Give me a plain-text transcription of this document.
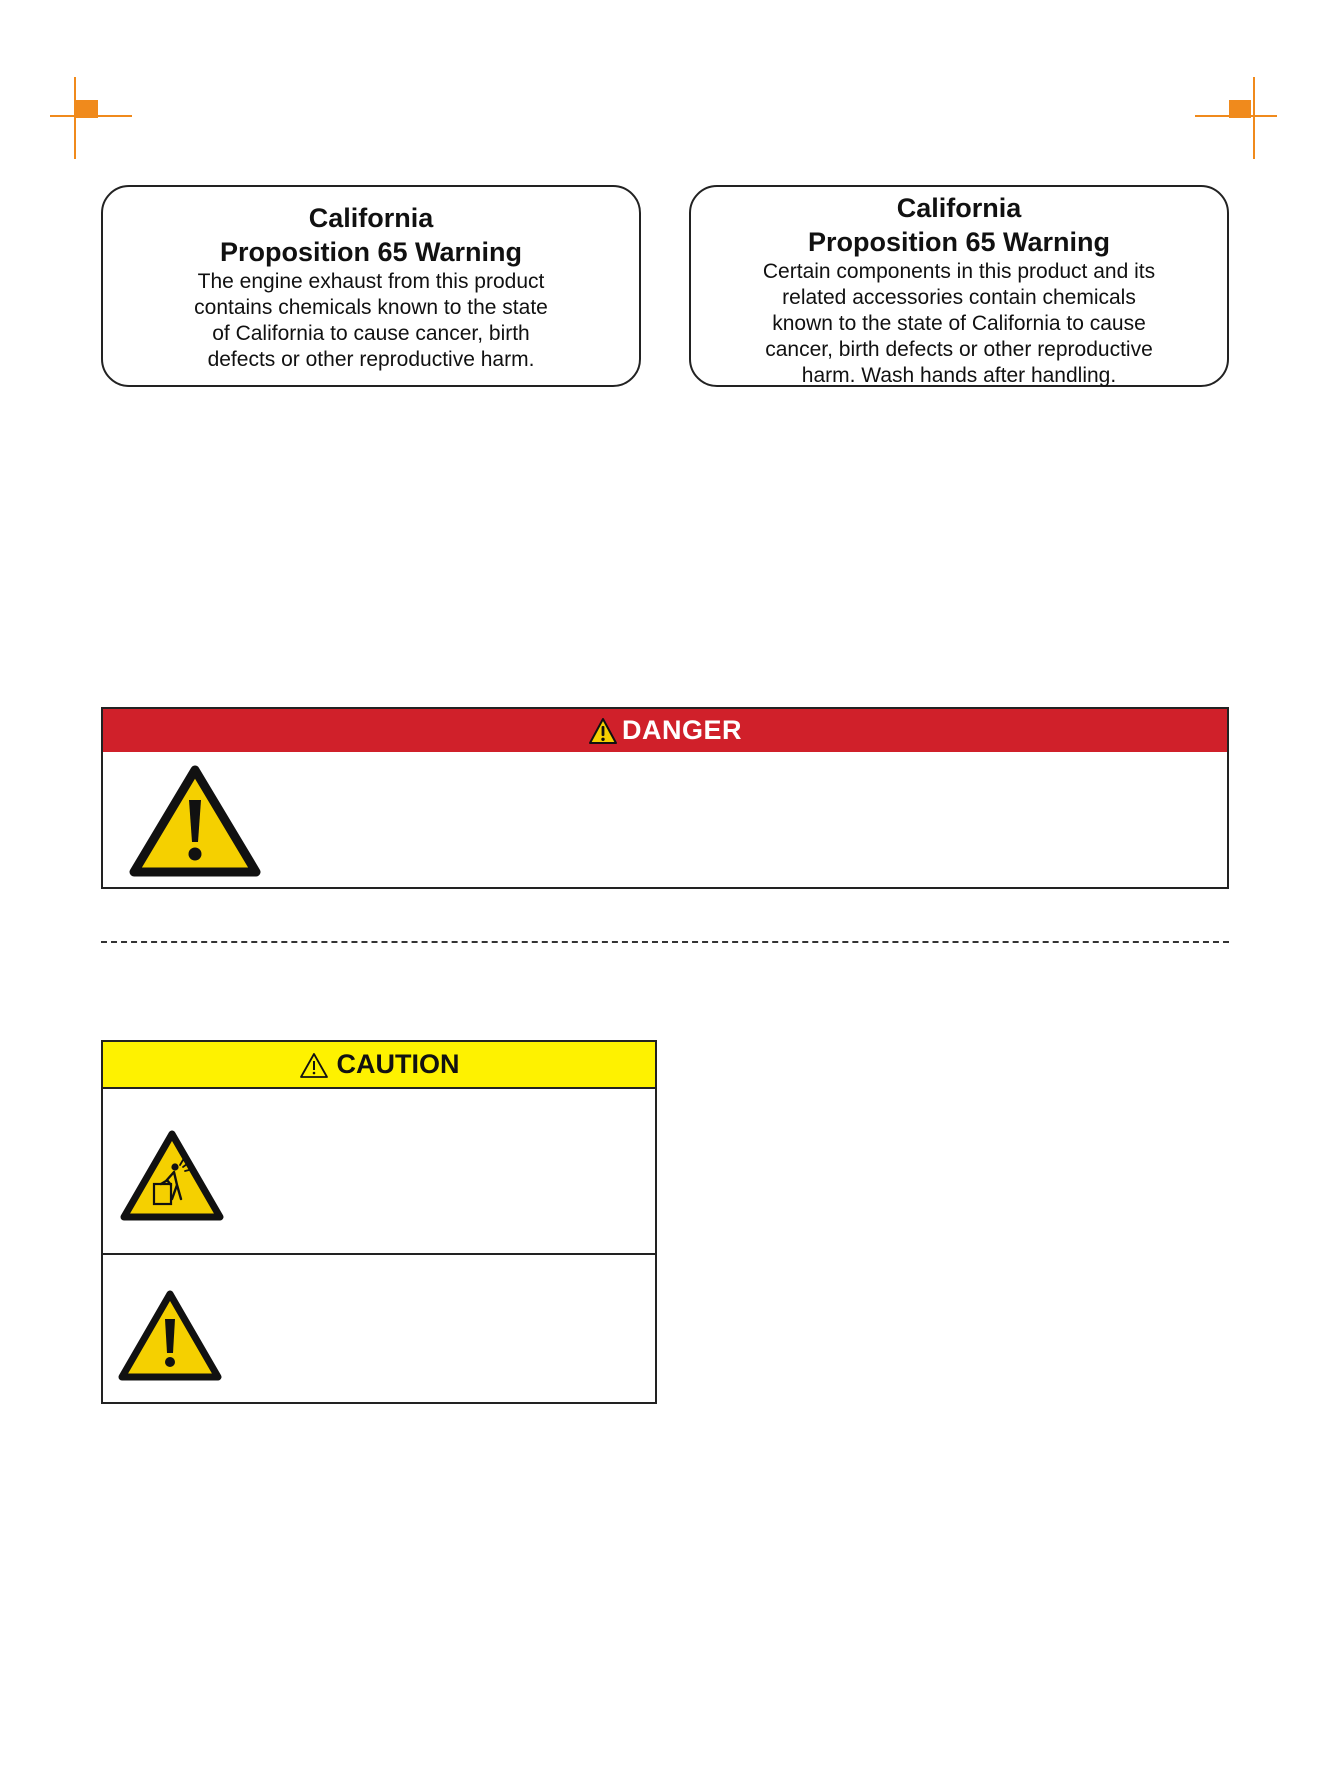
California

Proposition 65 Warning

The engine exhaust from this product

contains chemicals known to the state

of California to cause cancer, birth

defects or other reproductive harm.

California

Proposition 65 Warning

Certain components in this product and its

related accessories contain chemicals

known to the state of California to cause

cancer, birth defects or other reproductive

harm. Wash hands after handling.

DANGER
CAUTION
